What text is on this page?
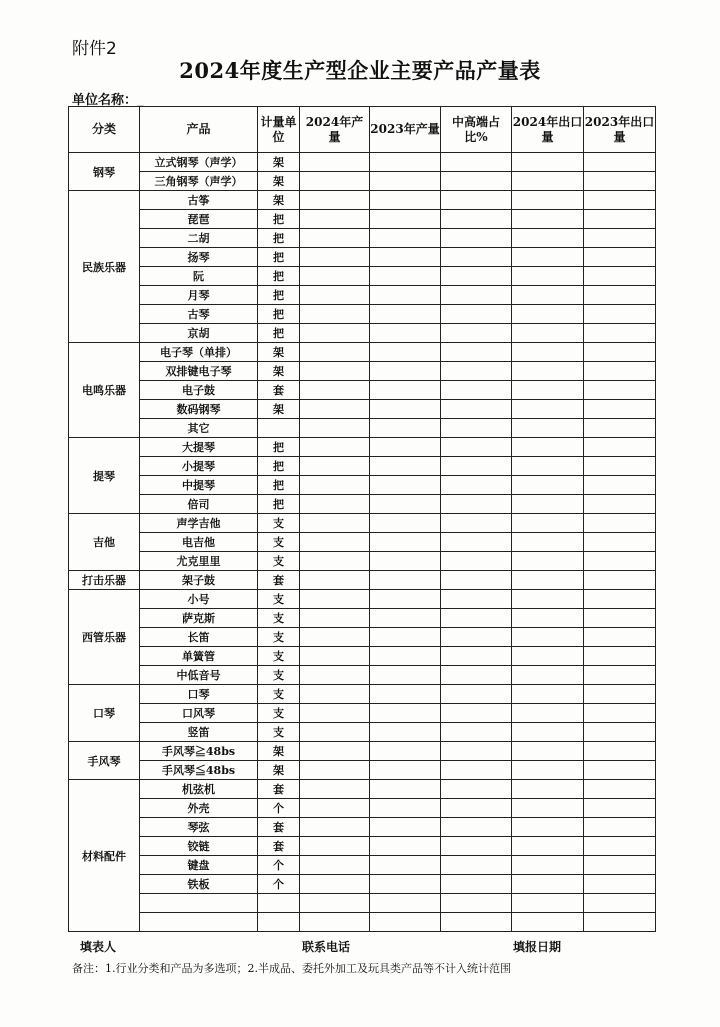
附件2
2024年度生产型企业主要产品产量表
单位名称：_
分类	产品	计量单位	2024年产量	2023年产量	中高端占比%	2024年出口量	2023年出口量
钢琴	立式钢琴（声学）	架					
	三角钢琴（声学）	架					
民族乐器	古筝	架					
	琵琶	把					
	二胡	把					
	扬琴	把					
	阮	把					
	月琴	把					
	古琴	把					
	京胡	把					
电鸣乐器	电子琴（单排）	架					
	双排键电子琴	架					
	电子鼓	套					
	数码钢琴	架					
	其它						
提琴	大提琴	把					
	小提琴	把					
	中提琴	把					
	倍司	把					
吉他	声学吉他	支					
	电吉他	支					
	尤克里里	支					
打击乐器	架子鼓	套					
西管乐器	小号	支					
	萨克斯	支					
	长笛	支					
	单簧管	支					
	中低音号	支					
口琴	口琴	支					
	口风琴	支					
	竖笛	支					
手风琴	手风琴≧48bs	架					
	手风琴≦48bs	架					
材料配件	机弦机	套					
	外壳	个					
	琴弦	套					
	铰链	套					
	键盘	个					
	铁板	个					

填表人	联系电话	填报日期
备注：1.行业分类和产品为多选项；2.半成品、委托外加工及玩具类产品等不计入统计范围
